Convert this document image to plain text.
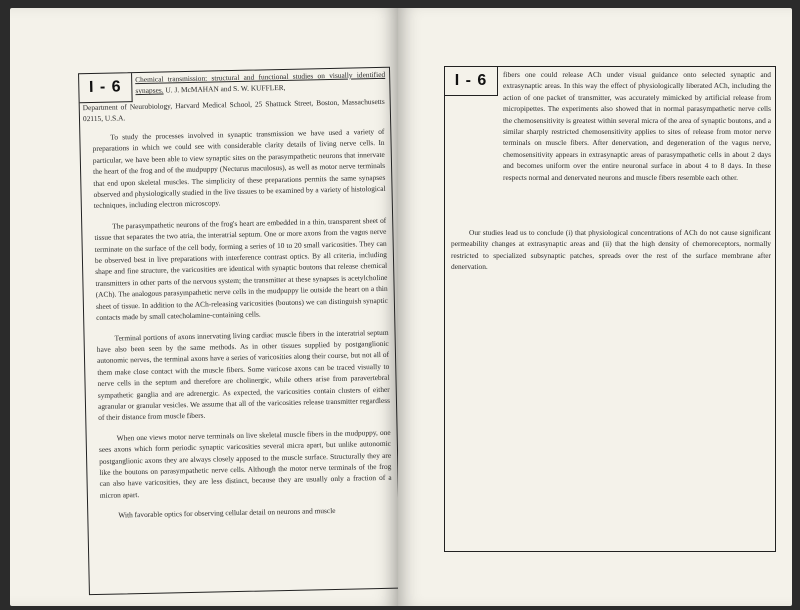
I - 6

Chemical transmission: structural and functional studies on visually identified synapses. U. J. McMAHAN and S. W. KUFFLER,

Department of Neurobiology, Harvard Medical School, 25 Shattuck Street, Boston, Massachusetts 02115, U.S.A.

To study the processes involved in synaptic transmission we have used a variety of preparations in which we could see with considerable clarity details of living nerve cells. In particular, we have been able to view synaptic sites on the parasympathetic neurons that innervate the heart of the frog and of the mudpuppy (Necturus maculosus), as well as motor nerve terminals that end upon skeletal muscles. The simplicity of these preparations permits the same synapses observed and physiologically studied in the live tissues to be examined by a variety of histological techniques, including electron microscopy.

The parasympathetic neurons of the frog's heart are embedded in a thin, transparent sheet of tissue that separates the two atria, the interatrial septum. One or more axons from the vagus nerve terminate on the surface of the cell body, forming a series of 10 to 20 small varicosities. They can be observed best in live preparations with interference contrast optics. By all criteria, including shape and fine structure, the varicosities are identical with synaptic boutons that release chemical transmitters in other parts of the nervous system; the transmitter at these synapses is acetylcholine (ACh). The analogous parasympathetic nerve cells in the mudpuppy lie outside the heart on a thin sheet of tissue. In addition to the ACh-releasing varicosities (boutons) we can distinguish synaptic contacts made by small catecholamine-containing cells.

Terminal portions of axons innervating living cardiac muscle fibers in the interatrial septum have also been seen by the same methods. As in other tissues supplied by postganglionic autonomic nerves, the terminal axons have a series of varicosities along their course, but not all of them make close contact with the muscle fibers. Some varicose axons can be traced visually to nerve cells in the septum and therefore are cholinergic, while others arise from paravertebral sympathetic ganglia and are adrenergic. As expected, the varicosities contain clusters of either agranular or granular vesicles. We assume that all of the varicosities release transmitter regardless of their distance from muscle fibers.

When one views motor nerve terminals on live skeletal muscle fibers in the mudpuppy, one sees axons which form periodic synaptic varicosities several micra apart, but unlike autonomic postganglionic axons they are always closely apposed to the muscle surface. Structurally they are like the boutons on parasympathetic nerve cells. Although the motor nerve terminals of the frog can also have varicosities, they are less distinct, because they are usually only a fraction of a micron apart.

With favorable optics for observing cellular detail on neurons and muscle

I - 6	fibers one could release ACh under visual guidance onto selected synaptic and extrasynaptic areas. In this way the effect of physiologically liberated ACh, including the action of one packet of transmitter, was accurately mimicked by artificial release from micropipettes. The experiments also showed that in normal parasympathetic nerve cells the chemosensitivity is greatest within several micra of the area of synaptic boutons, and a similar sharply restricted chemosensitivity applies to sites of release from motor nerve terminals on muscle fibers. After denervation, and degeneration of the vagus nerve, chemosensitivity appears in extrasynaptic areas of parasympathetic cells in about 2 days and becomes uniform over the entire neuronal surface in about 4 to 8 days. In these respects normal and denervated neurons and muscle fibers resemble each other.

Our studies lead us to conclude (i) that physiological concentrations of ACh do not cause significant permeability changes at extrasynaptic areas and (ii) that the high density of chemoreceptors, normally restricted to specialized subsynaptic patches, spreads over the rest of the surface membrane after denervation.
